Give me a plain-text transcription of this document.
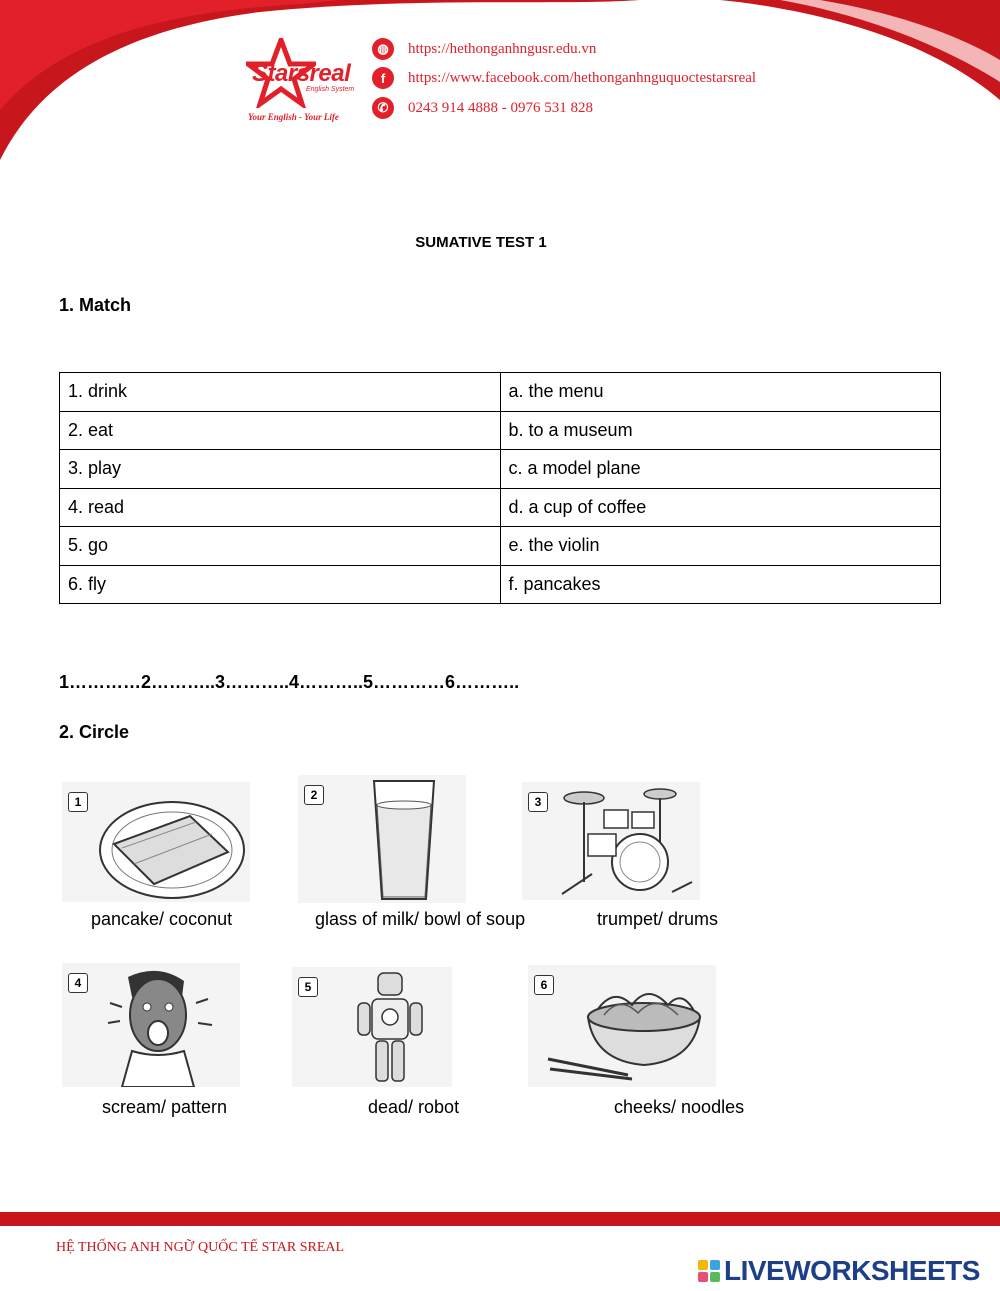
Starsreal
English System
Your English - Your Life
◍	https://hethonganhngusr.edu.vn
f	https://www.facebook.com/hethonganhnguquoctestarsreal
✆	0243 914 4888 - 0976 531 828
SUMATIVE TEST 1
1. Match
1. drink	a. the menu
2. eat	b. to a museum
3. play	c. a model plane
4. read	d. a cup of coffee
5. go	e. the violin
6. fly	f. pancakes
1…………2………..3………..4………..5…………6………..
2. Circle
1
pancake/ coconut
2
glass of milk/ bowl of soup
3
trumpet/ drums
4
scream/ pattern
5
dead/ robot
6
cheeks/ noodles
HỆ THỐNG ANH NGỮ QUỐC TẾ STAR SREAL
LIVEWORKSHEETS
